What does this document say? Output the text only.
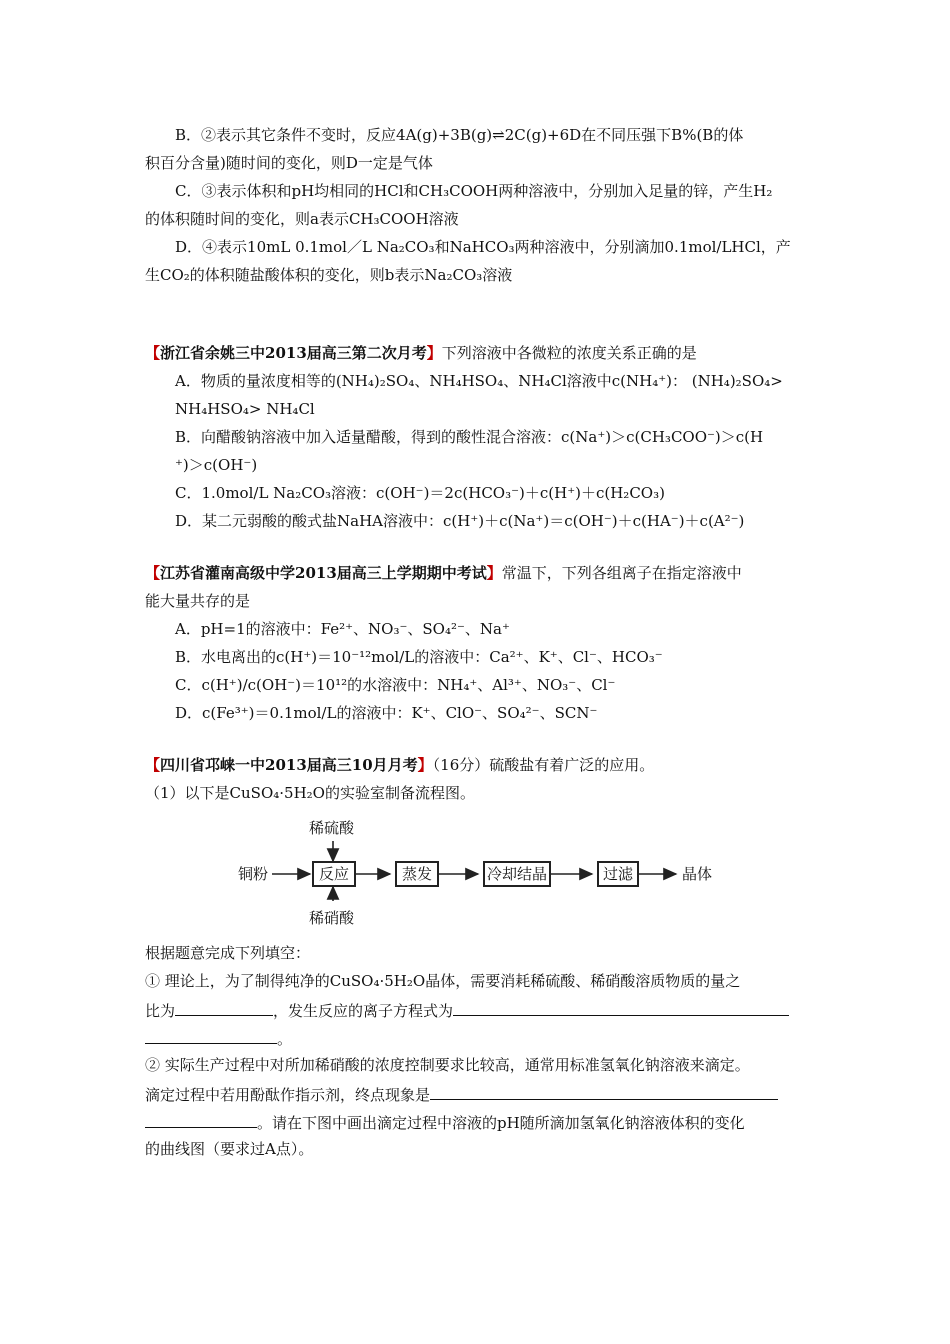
B．②表示其它条件不变时，反应4A(g)+3B(g)⇌2C(g)+6D在不同压强下B%(B的体
积百分含量)随时间的变化，则D一定是气体
C．③表示体积和pH均相同的HCl和CH₃COOH两种溶液中，分别加入足量的锌，产生H₂
的体积随时间的变化，则a表示CH₃COOH溶液
D．④表示10mL 0.1mol／L Na₂CO₃和NaHCO₃两种溶液中，分别滴加0.1mol/LHCl，产
生CO₂的体积随盐酸体积的变化，则b表示Na₂CO₃溶液
【浙江省余姚三中2013届高三第二次月考】下列溶液中各微粒的浓度关系正确的是
A．物质的量浓度相等的(NH₄)₂SO₄、NH₄HSO₄、NH₄Cl溶液中c(NH₄⁺)： (NH₄)₂SO₄>
NH₄HSO₄> NH₄Cl
B．向醋酸钠溶液中加入适量醋酸，得到的酸性混合溶液：c(Na⁺)＞c(CH₃COO⁻)＞c(H
⁺)＞c(OH⁻)
C．1.0mol/L Na₂CO₃溶液：c(OH⁻)＝2c(HCO₃⁻)＋c(H⁺)＋c(H₂CO₃)
D．某二元弱酸的酸式盐NaHA溶液中：c(H⁺)＋c(Na⁺)＝c(OH⁻)＋c(HA⁻)＋c(A²⁻)
【江苏省灌南高级中学2013届高三上学期期中考试】常温下，下列各组离子在指定溶液中
能大量共存的是
A．pH=1的溶液中：Fe²⁺、NO₃⁻、SO₄²⁻、Na⁺
B．水电离出的c(H⁺)＝10⁻¹²mol/L的溶液中：Ca²⁺、K⁺、Cl⁻、HCO₃⁻
C．c(H⁺)/c(OH⁻)＝10¹²的水溶液中：NH₄⁺、Al³⁺、NO₃⁻、Cl⁻
D．c(Fe³⁺)＝0.1mol/L的溶液中：K⁺、ClO⁻、SO₄²⁻、SCN⁻
【四川省邛崃一中2013届高三10月月考】（16分）硫酸盐有着广泛的应用。
（1）以下是CuSO₄·5H₂O的实验室制备流程图。
稀硫酸
稀硝酸
铜粉	反应	蒸发	冷却结晶	过滤	晶体
根据题意完成下列填空：
① 理论上，为了制得纯净的CuSO₄·5H₂O晶体，需要消耗稀硫酸、稀硝酸溶质物质的量之
比为	，发生反应的离子方程式为
。
② 实际生产过程中对所加稀硝酸的浓度控制要求比较高，通常用标准氢氧化钠溶液来滴定。
滴定过程中若用酚酞作指示剂，终点现象是
。请在下图中画出滴定过程中溶液的pH随所滴加氢氧化钠溶液体积的变化
的曲线图（要求过A点）。
